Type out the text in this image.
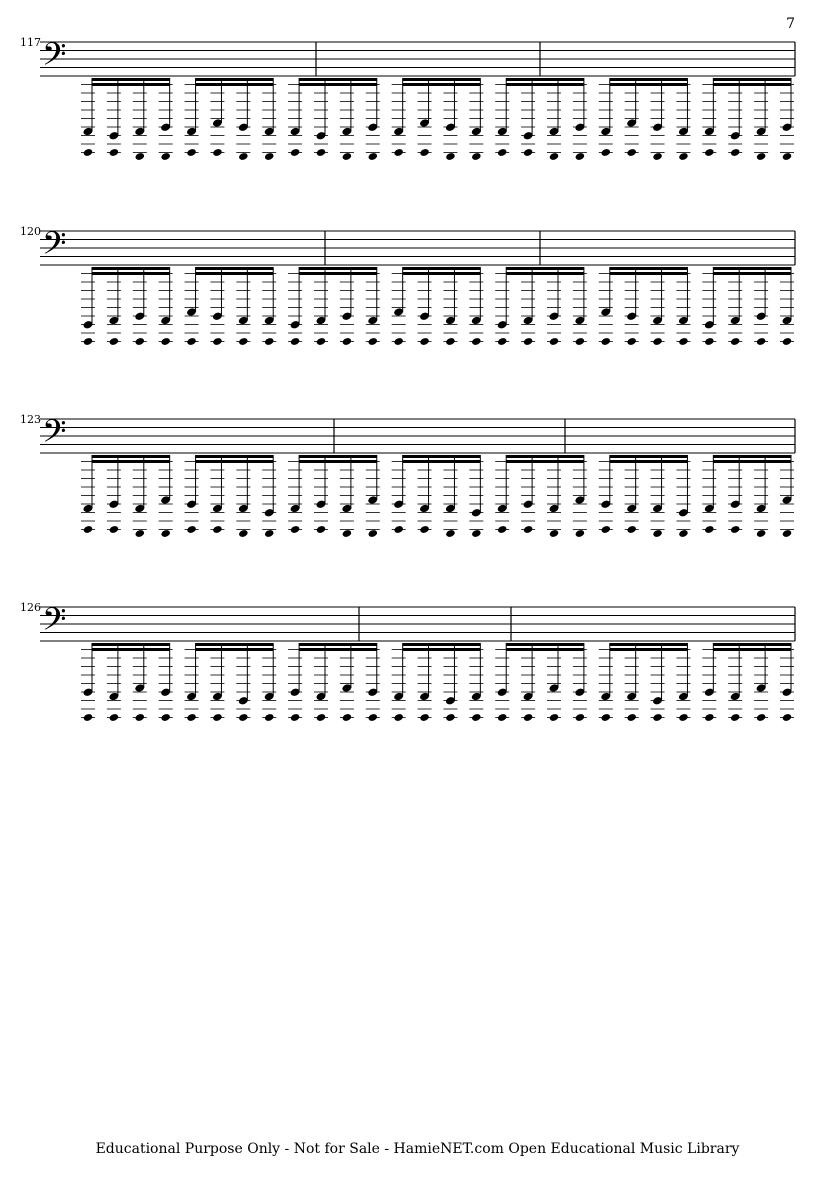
7
117
120
123
126
𝄢
𝄢
𝄢
𝄢
Educational Purpose Only - Not for Sale - HamieNET.com Open Educational Music Library
